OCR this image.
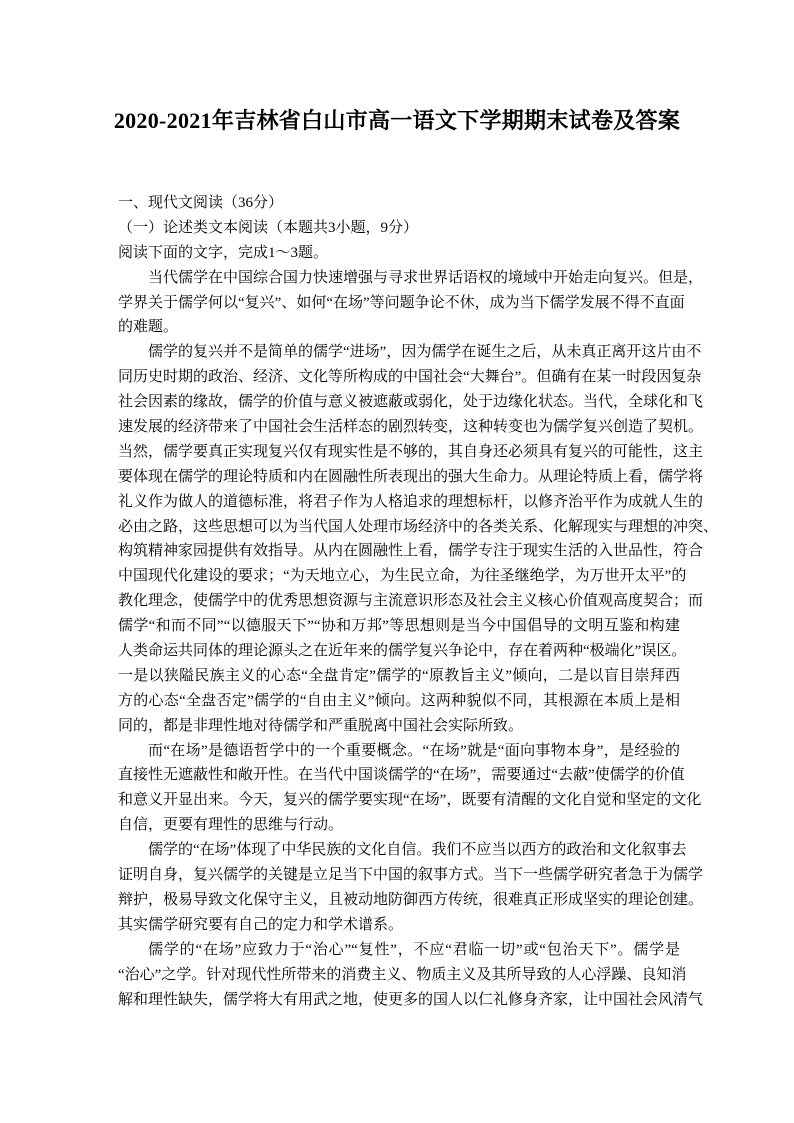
2020-2021年吉林省白山市高一语文下学期期末试卷及答案
一、现代文阅读（36分）
（一）论述类文本阅读（本题共3小题，9分）
阅读下面的文字，完成1～3题。
当代儒学在中国综合国力快速增强与寻求世界话语权的境域中开始走向复兴。但是，
学界关于儒学何以“复兴”、如何“在场”等问题争论不休，成为当下儒学发展不得不直面
的难题。
儒学的复兴并不是简单的儒学“进场”，因为儒学在诞生之后，从未真正离开这片由不
同历史时期的政治、经济、文化等所构成的中国社会“大舞台”。但确有在某一时段因复杂
社会因素的缘故，儒学的价值与意义被遮蔽或弱化，处于边缘化状态。当代，全球化和飞
速发展的经济带来了中国社会生活样态的剧烈转变，这种转变也为儒学复兴创造了契机。
当然，儒学要真正实现复兴仅有现实性是不够的，其自身还必须具有复兴的可能性，这主
要体现在儒学的理论特质和内在圆融性所表现出的强大生命力。从理论特质上看，儒学将
礼义作为做人的道德标准，将君子作为人格追求的理想标杆，以修齐治平作为成就人生的
必由之路，这些思想可以为当代国人处理市场经济中的各类关系、化解现实与理想的冲突、
构筑精神家园提供有效指导。从内在圆融性上看，儒学专注于现实生活的入世品性，符合
中国现代化建设的要求；“为天地立心，为生民立命，为往圣继绝学，为万世开太平”的
教化理念，使儒学中的优秀思想资源与主流意识形态及社会主义核心价值观高度契合；而
儒学“和而不同”“以德服天下”“协和万邦”等思想则是当今中国倡导的文明互鉴和构建
人类命运共同体的理论源头之在近年来的儒学复兴争论中，存在着两种“极端化”误区。
一是以狭隘民族主义的心态“全盘肯定”儒学的“原教旨主义”倾向，二是以盲目崇拜西
方的心态“全盘否定”儒学的“自由主义”倾向。这两种貌似不同，其根源在本质上是相
同的，都是非理性地对待儒学和严重脱离中国社会实际所致。
而“在场”是德语哲学中的一个重要概念。“在场”就是“面向事物本身”，是经验的
直接性无遮蔽性和敞开性。在当代中国谈儒学的“在场”，需要通过“去蔽”使儒学的价值
和意义开显出来。今天，复兴的儒学要实现“在场”，既要有清醒的文化自觉和坚定的文化
自信，更要有理性的思维与行动。
儒学的“在场”体现了中华民族的文化自信。我们不应当以西方的政治和文化叙事去
证明自身，复兴儒学的关键是立足当下中国的叙事方式。当下一些儒学研究者急于为儒学
辩护，极易导致文化保守主义，且被动地防御西方传统，很难真正形成坚实的理论创建。
其实儒学研究要有自己的定力和学术谱系。
儒学的“在场”应致力于“治心”“复性”，不应“君临一切”或“包治天下”。儒学是
“治心”之学。针对现代性所带来的消费主义、物质主义及其所导致的人心浮躁、良知消
解和理性缺失，儒学将大有用武之地，使更多的国人以仁礼修身齐家，让中国社会风清气
